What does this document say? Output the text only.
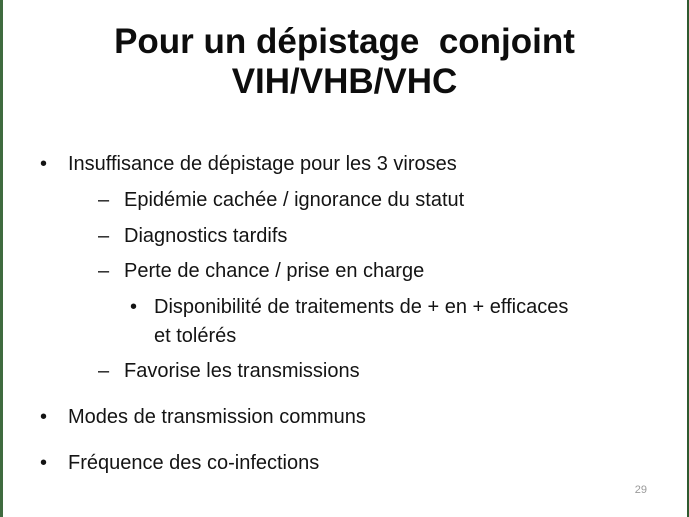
Pour un dépistage  conjoint
VIH/VHB/VHC
• Insuffisance de dépistage pour les 3 viroses
– Epidémie cachée / ignorance du statut
– Diagnostics tardifs
– Perte de chance / prise en charge
• Disponibilité de traitements de + en + efficaces
et tolérés
– Favorise les transmissions
• Modes de transmission communs
• Fréquence des co-infections
29
